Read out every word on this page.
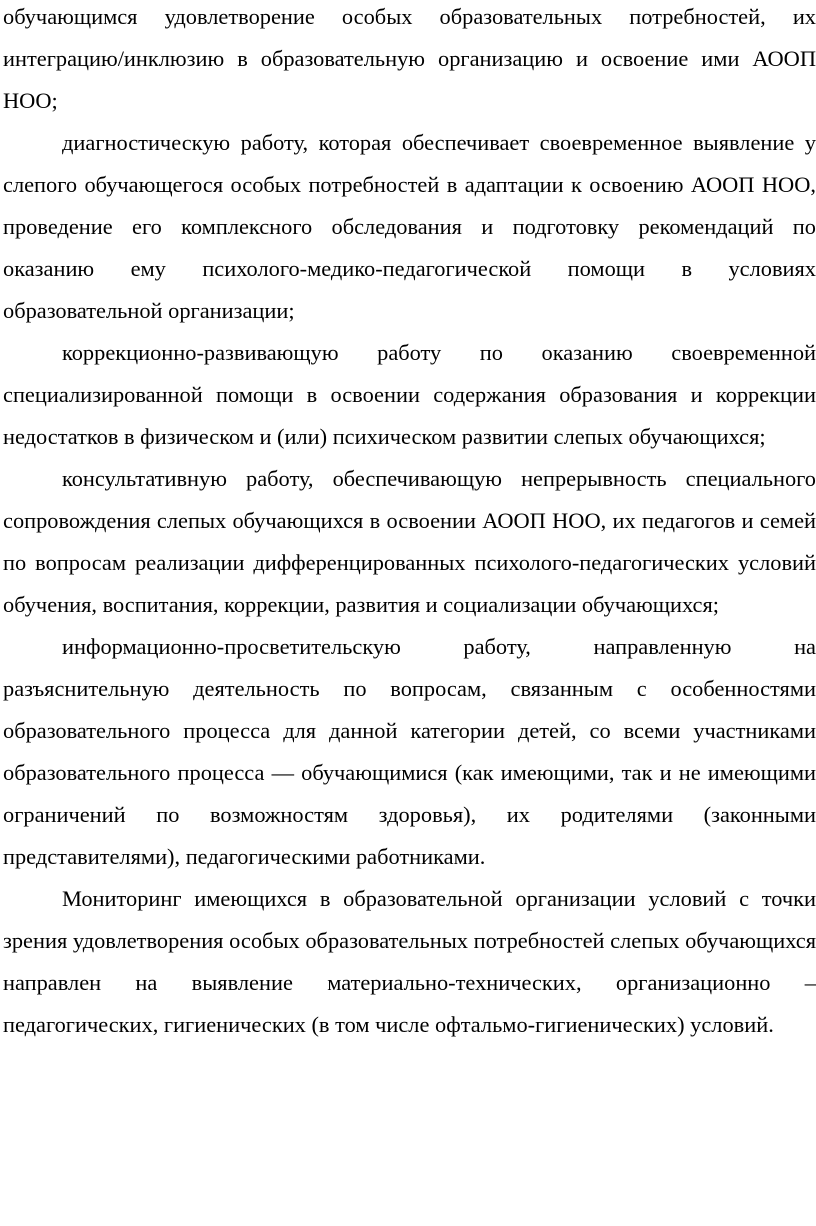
обучающимся удовлетворение особых образовательных потребностей, их интеграцию/инклюзию в образовательную организацию и освоение ими АООП НОО;

диагностическую работу, которая обеспечивает своевременное выявление у слепого обучающегося особых потребностей в адаптации к освоению АООП НОО, проведение его комплексного обследования и подготовку рекомендаций по оказанию ему психолого-медико-педагогической помощи в условиях образовательной организации;

коррекционно-развивающую работу по оказанию своевременной специализированной помощи в освоении содержания образования и коррекции недостатков в физическом и (или) психическом развитии слепых обучающихся;

консультативную работу, обеспечивающую непрерывность специального сопровождения слепых обучающихся в освоении АООП НОО, их педагогов и семей по вопросам реализации дифференцированных психолого-педагогических условий обучения, воспитания, коррекции, развития и социализации обучающихся;

информационно-просветительскую работу, направленную на разъяснительную деятельность по вопросам, связанным с особенностями образовательного процесса для данной категории детей, со всеми участниками образовательного процесса — обучающимися (как имеющими, так и не имеющими ограничений по возможностям здоровья), их родителями (законными представителями), педагогическими работниками.

Мониторинг имеющихся в образовательной организации условий с точки зрения удовлетворения особых образовательных потребностей слепых обучающихся направлен на выявление материально-технических, организационно – педагогических, гигиенических (в том числе офтальмо-гигиенических) условий.
